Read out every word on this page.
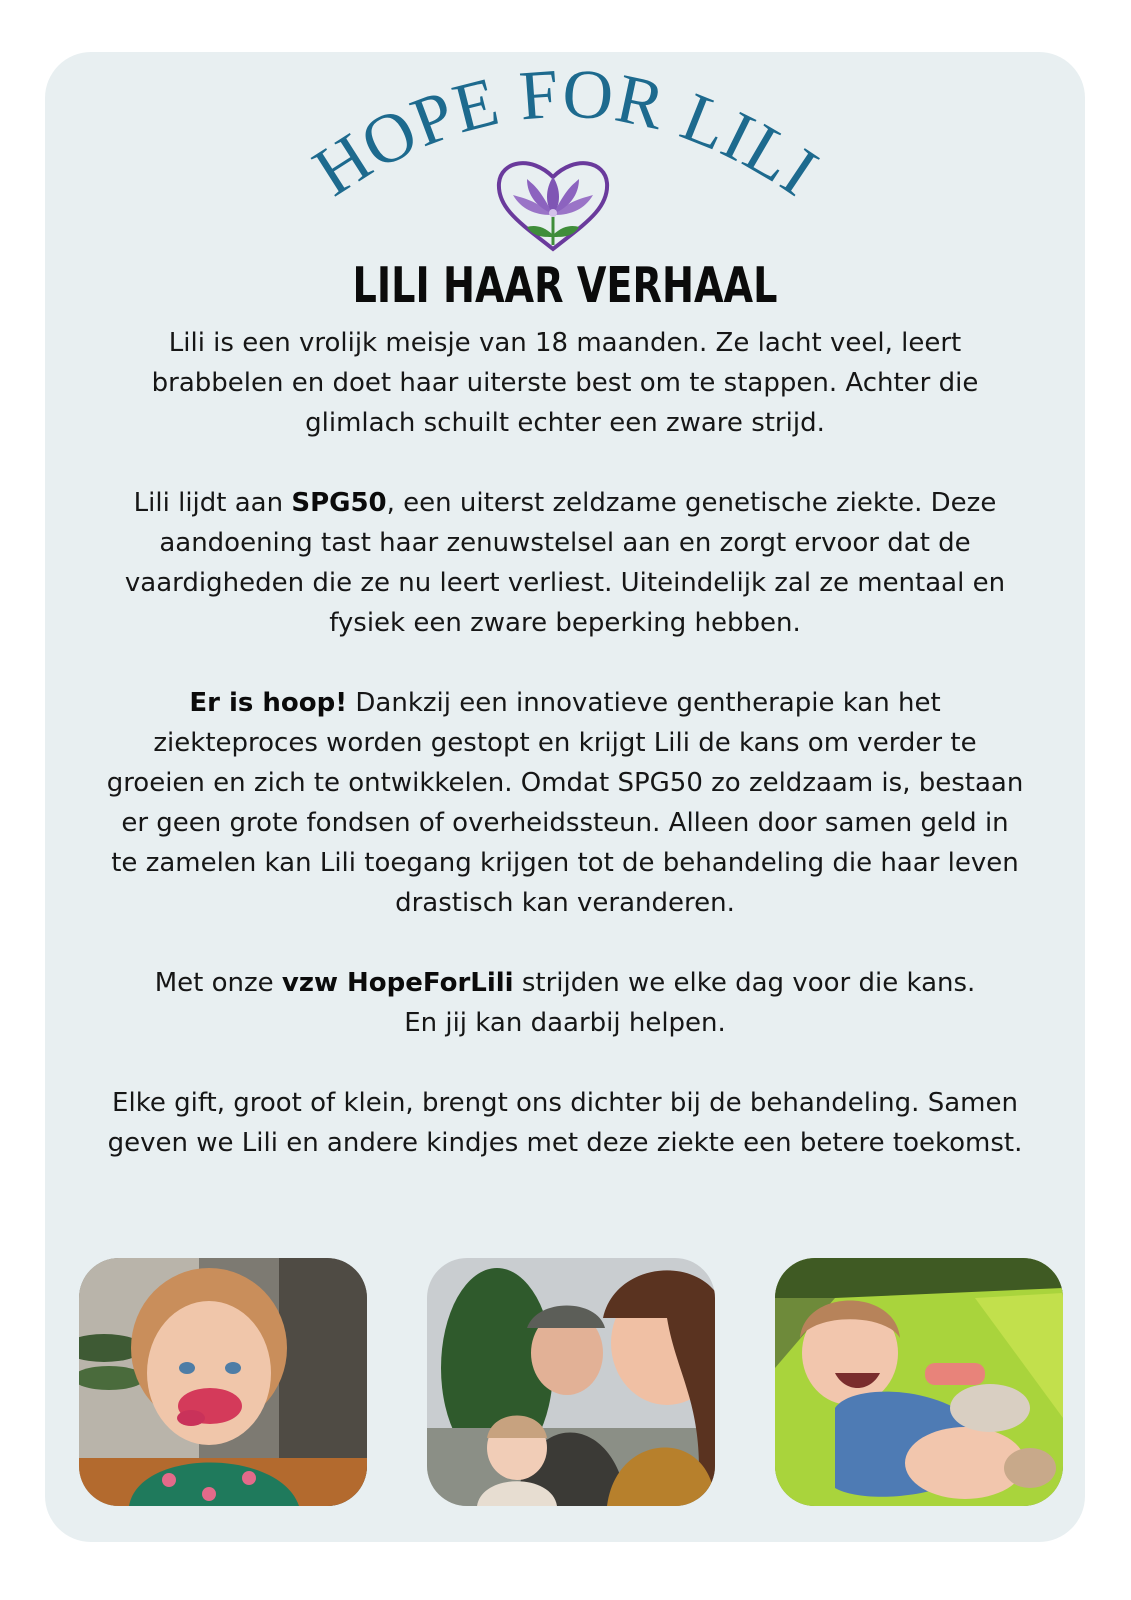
HOPE FOR LILI
LILI HAAR VERHAAL

Lili is een vrolijk meisje van 18 maanden. Ze lacht veel, leert brabbelen en doet haar uiterste best om te stappen. Achter die glimlach schuilt echter een zware strijd.

Lili lijdt aan SPG50, een uiterst zeldzame genetische ziekte. Deze aandoening tast haar zenuwstelsel aan en zorgt ervoor dat de vaardigheden die ze nu leert verliest. Uiteindelijk zal ze mentaal en fysiek een zware beperking hebben.

Er is hoop! Dankzij een innovatieve gentherapie kan het ziekteproces worden gestopt en krijgt Lili de kans om verder te groeien en zich te ontwikkelen. Omdat SPG50 zo zeldzaam is, bestaan er geen grote fondsen of overheidssteun. Alleen door samen geld in te zamelen kan Lili toegang krijgen tot de behandeling die haar leven drastisch kan veranderen.

Met onze vzw HopeForLili strijden we elke dag voor die kans.
En jij kan daarbij helpen.

Elke gift, groot of klein, brengt ons dichter bij de behandeling. Samen geven we Lili en andere kindjes met deze ziekte een betere toekomst.
